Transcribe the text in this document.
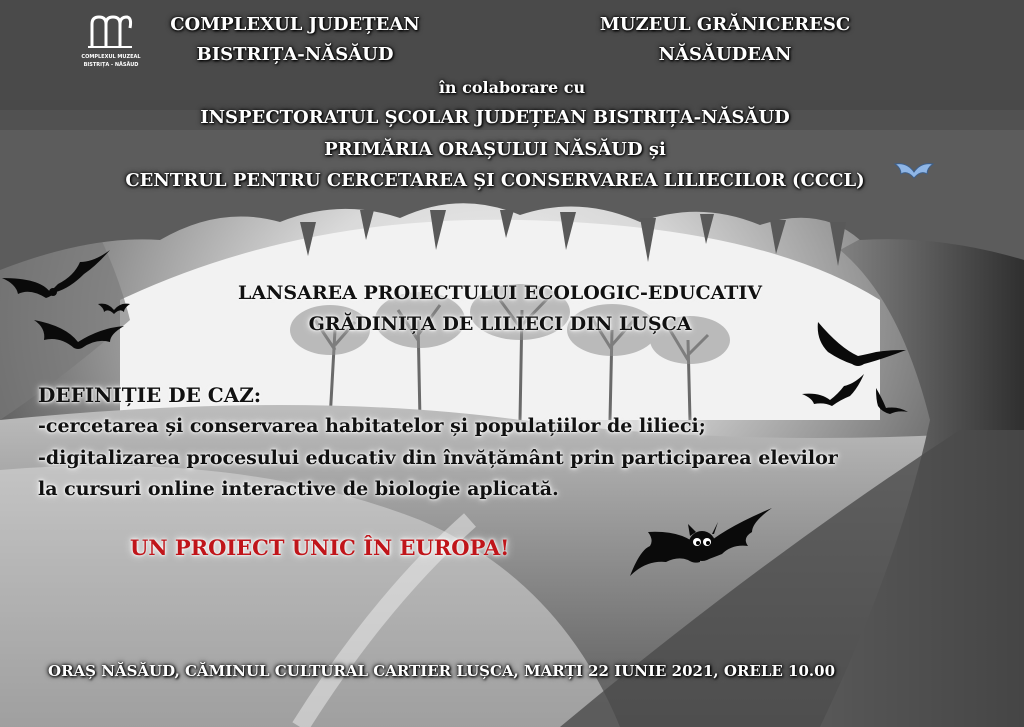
COMPLEXUL MUZEAL
BISTRIȚA - NĂSĂUD
COMPLEXUL JUDEȚEAN
BISTRIȚA-NĂSĂUD
MUZEUL GRĂNICERESC
NĂSĂUDEAN
în colaborare cu
INSPECTORATUL ȘCOLAR JUDEȚEAN BISTRIȚA-NĂSĂUD
PRIMĂRIA ORAȘULUI NĂSĂUD și
CENTRUL PENTRU CERCETAREA ȘI CONSERVAREA LILIECILOR (CCCL)
LANSAREA PROIECTULUI ECOLOGIC-EDUCATIV
GRĂDINIȚA DE LILIECI DIN LUȘCA
DEFINIȚIE DE CAZ:
-cercetarea și conservarea habitatelor și populațiilor de lilieci;
-digitalizarea procesului educativ din învățământ prin participarea elevilor
la cursuri online interactive de biologie aplicată.
UN PROIECT UNIC ÎN EUROPA!
ORAȘ NĂSĂUD, CĂMINUL CULTURAL CARTIER LUȘCA, MARȚI 22 IUNIE 2021, ORELE 10.00
